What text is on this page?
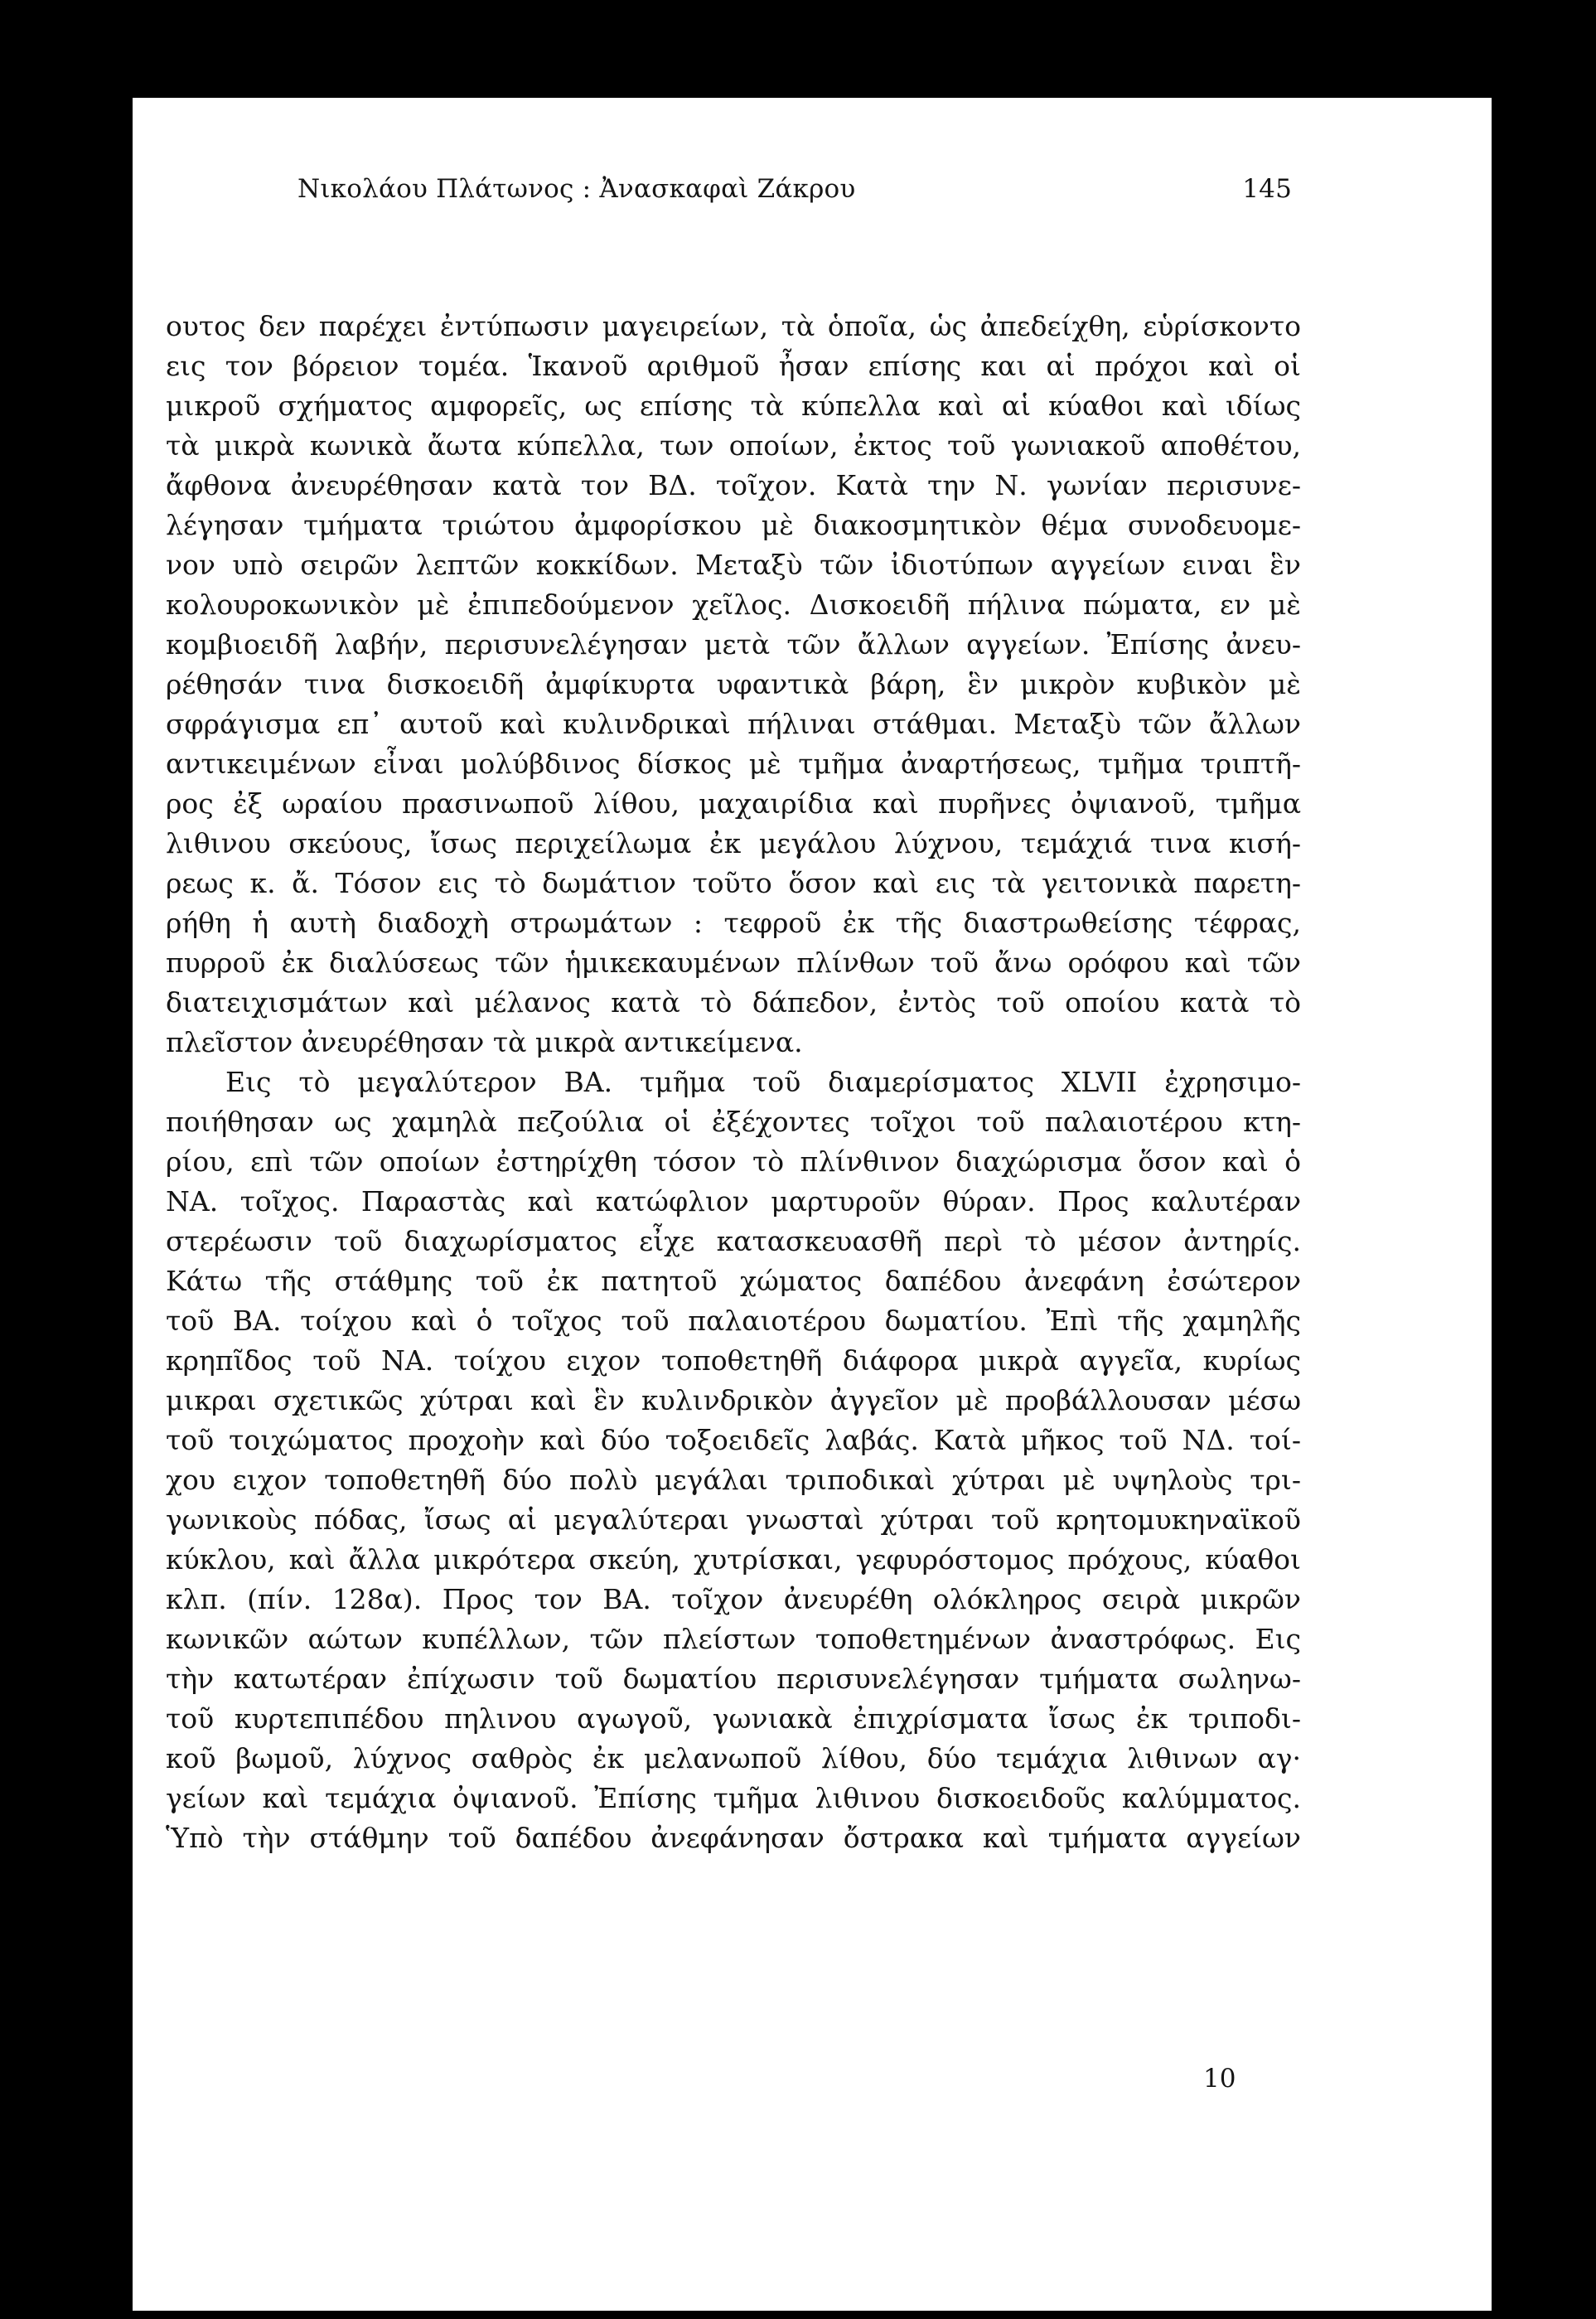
Νικολάου Πλάτωνος : Ἀνασκαφαὶ Ζάκρου	145
ουτος δεν παρέχει ἐντύπωσιν μαγειρείων, τὰ ὁποῖα, ὡς ἀπεδείχθη, εὑρίσκοντο
εις τον βόρειον τομέα. Ἱκανοῦ αριθμοῦ ἦσαν επίσης και αἱ πρόχοι καὶ οἱ
μικροῦ σχήματος αμφορεῖς, ως επίσης τὰ κύπελλα καὶ αἱ κύαθοι καὶ ιδίως
τὰ μικρὰ κωνικὰ ἄωτα κύπελλα, των οποίων, ἐκτος τοῦ γωνιακοῦ αποθέτου,
ἄφθονα ἀνευρέθησαν κατὰ τον ΒΔ. τοῖχον. Κατὰ την Ν. γωνίαν περισυνε-
λέγησαν τμήματα τριώτου ἀμφορίσκου μὲ διακοσμητικὸν θέμα συνοδευομε-
νον υπὸ σειρῶν λεπτῶν κοκκίδων. Μεταξὺ τῶν ἰδιοτύπων αγγείων ειναι ἓν
κολουροκωνικὸν μὲ ἐπιπεδούμενον χεῖλος. Δισκοειδῆ πήλινα πώματα, εν μὲ
κομβιοειδῆ λαβήν, περισυνελέγησαν μετὰ τῶν ἄλλων αγγείων. Ἐπίσης ἀνευ-
ρέθησάν τινα δισκοειδῆ ἀμφίκυρτα υφαντικὰ βάρη, ἓν μικρὸν κυβικὸν μὲ
σφράγισμα επ᾿ αυτοῦ καὶ κυλινδρικαὶ πήλιναι στάθμαι. Μεταξὺ τῶν ἄλλων
αντικειμένων εἶναι μολύβδινος δίσκος μὲ τμῆμα ἀναρτήσεως, τμῆμα τριπτῆ-
ρος ἐξ ωραίου πρασινωποῦ λίθου, μαχαιρίδια καὶ πυρῆνες ὀψιανοῦ, τμῆμα
λιθινου σκεύους, ἴσως περιχείλωμα ἐκ μεγάλου λύχνου, τεμάχιά τινα κισή-
ρεως κ. ἄ. Τόσον εις τὸ δωμάτιον τοῦτο ὅσον καὶ εις τὰ γειτονικὰ παρετη-
ρήθη ἡ αυτὴ διαδοχὴ στρωμάτων : τεφροῦ ἐκ τῆς διαστρωθείσης τέφρας,
πυρροῦ ἐκ διαλύσεως τῶν ἡμικεκαυμένων πλίνθων τοῦ ἄνω ορόφου καὶ τῶν
διατειχισμάτων καὶ μέλανος κατὰ τὸ δάπεδον, ἐντὸς τοῦ οποίου κατὰ τὸ
πλεῖστον ἀνευρέθησαν τὰ μικρὰ αντικείμενα.
Εις τὸ μεγαλύτερον ΒΑ. τμῆμα τοῦ διαμερίσματος XLVII ἐχρησιμο-
ποιήθησαν ως χαμηλὰ πεζούλια οἱ ἐξέχοντες τοῖχοι τοῦ παλαιοτέρου κτη-
ρίου, επὶ τῶν οποίων ἐστηρίχθη τόσον τὸ πλίνθινον διαχώρισμα ὅσον καὶ ὁ
ΝΑ. τοῖχος. Παραστὰς καὶ κατώφλιον μαρτυροῦν θύραν. Προς καλυτέραν
στερέωσιν τοῦ διαχωρίσματος εἶχε κατασκευασθῆ περὶ τὸ μέσον ἀντηρίς.
Κάτω τῆς στάθμης τοῦ ἐκ πατητοῦ χώματος δαπέδου ἀνεφάνη ἐσώτερον
τοῦ ΒΑ. τοίχου καὶ ὁ τοῖχος τοῦ παλαιοτέρου δωματίου. Ἐπὶ τῆς χαμηλῆς
κρηπῖδος τοῦ ΝΑ. τοίχου ειχον τοποθετηθῆ διάφορα μικρὰ αγγεῖα, κυρίως
μικραι σχετικῶς χύτραι καὶ ἓν κυλινδρικὸν ἀγγεῖον μὲ προβάλλουσαν μέσω
τοῦ τοιχώματος προχοὴν καὶ δύο τοξοειδεῖς λαβάς. Κατὰ μῆκος τοῦ ΝΔ. τοί-
χου ειχον τοποθετηθῆ δύο πολὺ μεγάλαι τριποδικαὶ χύτραι μὲ υψηλοὺς τρι-
γωνικοὺς πόδας, ἴσως αἱ μεγαλύτεραι γνωσταὶ χύτραι τοῦ κρητομυκηναϊκοῦ
κύκλου, καὶ ἄλλα μικρότερα σκεύη, χυτρίσκαι, γεφυρόστομος πρόχους, κύαθοι
κλπ. (πίν. 128α). Προς τον ΒΑ. τοῖχον ἀνευρέθη ολόκληρος σειρὰ μικρῶν
κωνικῶν αώτων κυπέλλων, τῶν πλείστων τοποθετημένων ἀναστρόφως. Εις
τὴν κατωτέραν ἐπίχωσιν τοῦ δωματίου περισυνελέγησαν τμήματα σωληνω-
τοῦ κυρτεπιπέδου πηλινου αγωγοῦ, γωνιακὰ ἐπιχρίσματα ἴσως ἐκ τριποδι-
κοῦ βωμοῦ, λύχνος σαθρὸς ἐκ μελανωποῦ λίθου, δύο τεμάχια λιθινων αγ·
γείων καὶ τεμάχια ὀψιανοῦ. Ἐπίσης τμῆμα λιθινου δισκοειδοῦς καλύμματος.
Ὑπὸ τὴν στάθμην τοῦ δαπέδου ἀνεφάνησαν ὄστρακα καὶ τμήματα αγγείων
10
